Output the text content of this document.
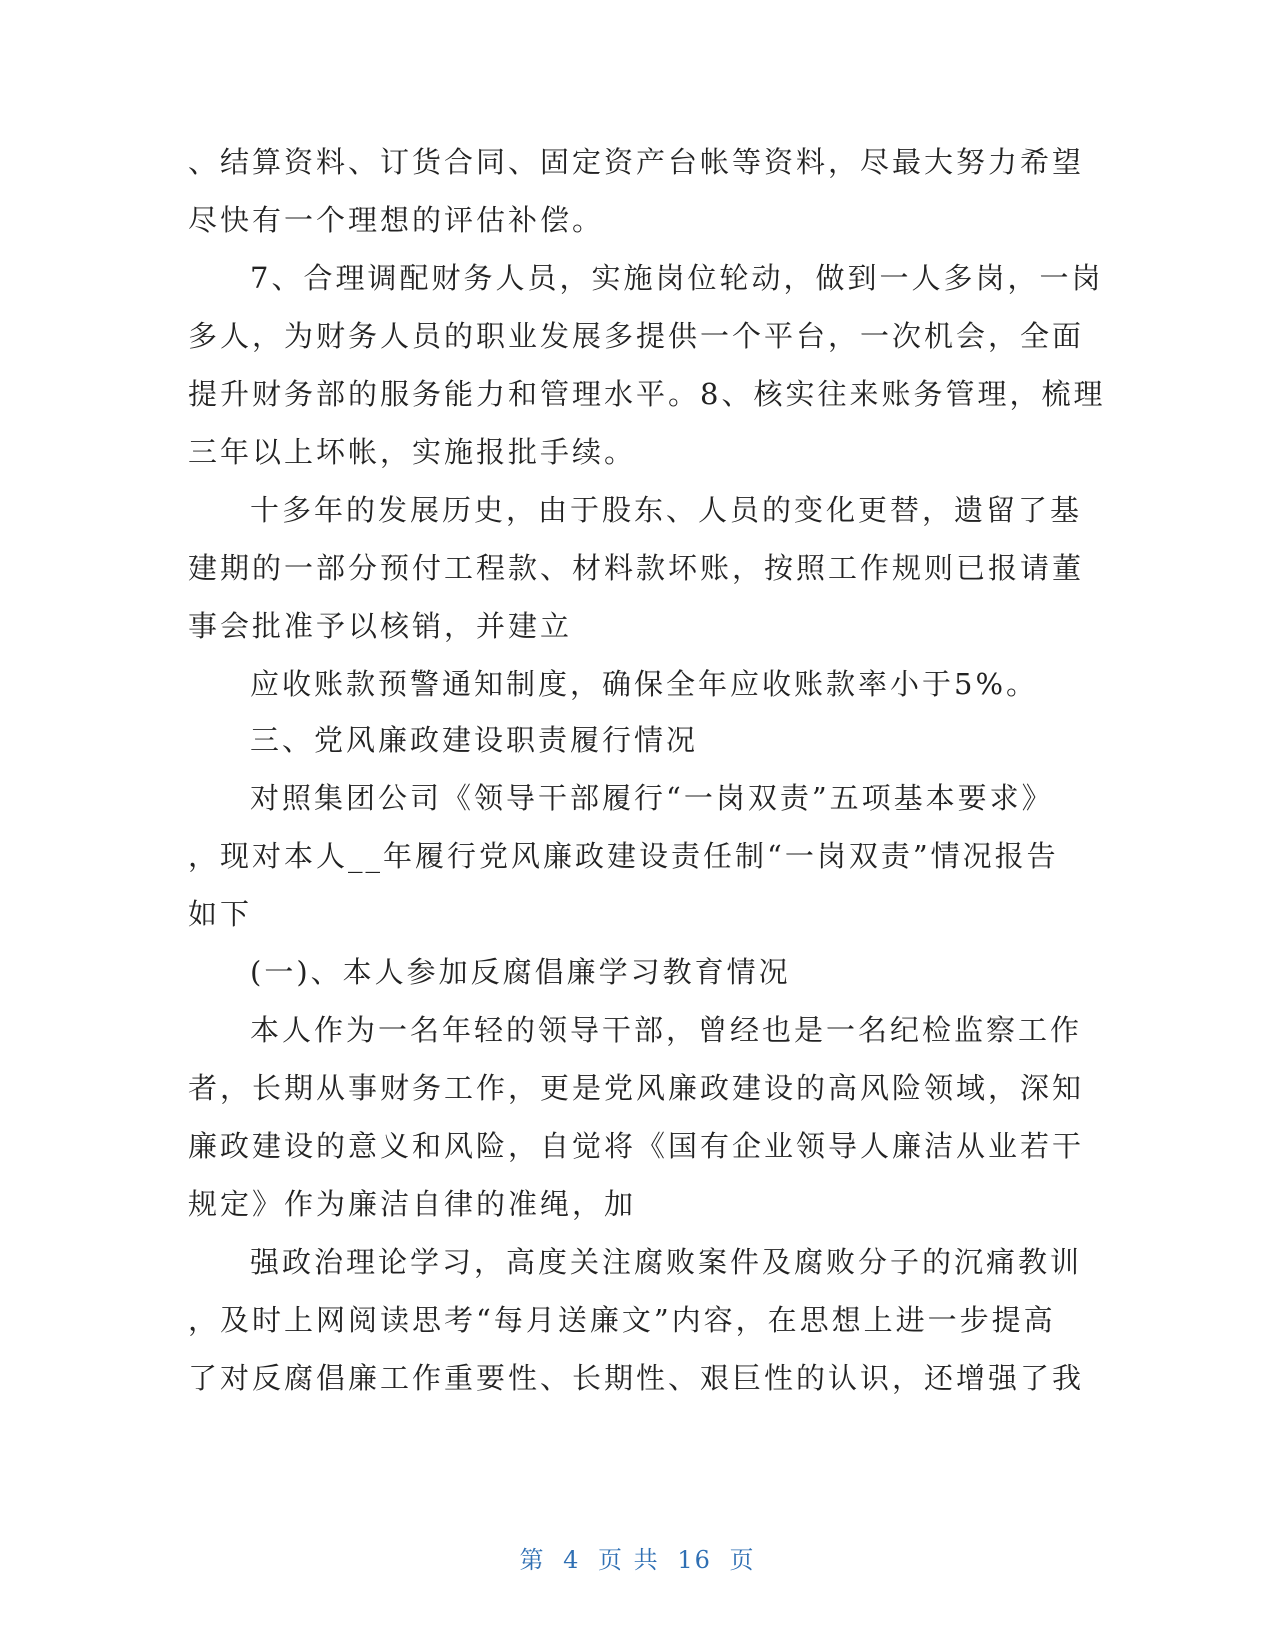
、结算资料、订货合同、固定资产台帐等资料，尽最大努力希望
尽快有一个理想的评估补偿。
7、合理调配财务人员，实施岗位轮动，做到一人多岗，一岗
多人，为财务人员的职业发展多提供一个平台，一次机会，全面
提升财务部的服务能力和管理水平。8、核实往来账务管理，梳理
三年以上坏帐，实施报批手续。
十多年的发展历史，由于股东、人员的变化更替，遗留了基
建期的一部分预付工程款、材料款坏账，按照工作规则已报请董
事会批准予以核销，并建立
应收账款预警通知制度，确保全年应收账款率小于5%。
三、党风廉政建设职责履行情况
对照集团公司《领导干部履行“一岗双责”五项基本要求》
，现对本人__年履行党风廉政建设责任制“一岗双责”情况报告
如下
(一)、本人参加反腐倡廉学习教育情况
本人作为一名年轻的领导干部，曾经也是一名纪检监察工作
者，长期从事财务工作，更是党风廉政建设的高风险领域，深知
廉政建设的意义和风险，自觉将《国有企业领导人廉洁从业若干
规定》作为廉洁自律的准绳，加
强政治理论学习，高度关注腐败案件及腐败分子的沉痛教训
，及时上网阅读思考“每月送廉文”内容，在思想上进一步提高
了对反腐倡廉工作重要性、长期性、艰巨性的认识，还增强了我
第 4 页 共 16 页
